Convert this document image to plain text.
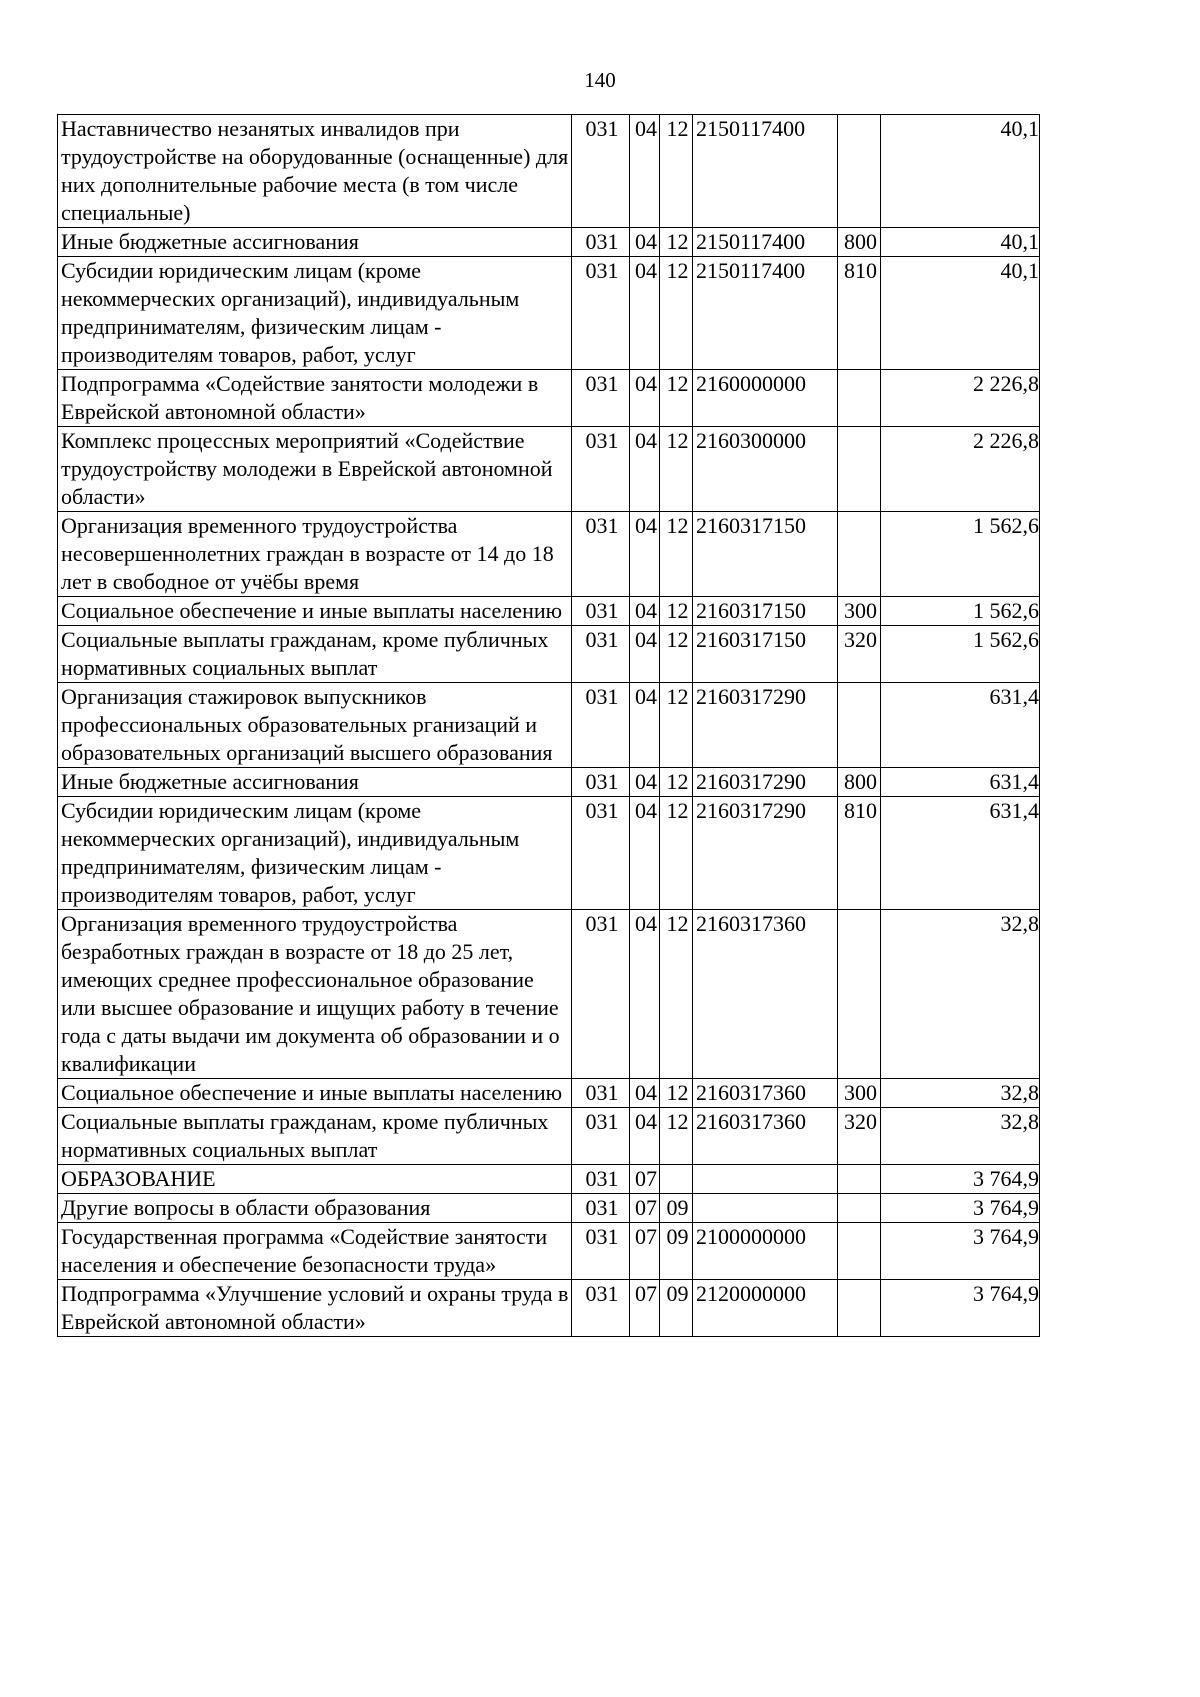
140
Наставничество незанятых инвалидов при трудоустройстве на оборудованные (оснащенные) для них дополнительные рабочие места (в том числе специальные)	031	04	12	2150117400		40,1
Иные бюджетные ассигнования	031	04	12	2150117400	800	40,1
Субсидии юридическим лицам (кроме некоммерческих организаций), индивидуальным предпринимателям, физическим лицам - производителям товаров, работ, услуг	031	04	12	2150117400	810	40,1
Подпрограмма «Содействие занятости молодежи в Еврейской автономной области»	031	04	12	2160000000		2 226,8
Комплекс процессных мероприятий «Содействие трудоустройству молодежи в Еврейской автономной области»	031	04	12	2160300000		2 226,8
Организация временного трудоустройства несовершеннолетних граждан в возрасте от 14 до 18 лет в свободное от учёбы время	031	04	12	2160317150		1 562,6
Социальное обеспечение и иные выплаты населению	031	04	12	2160317150	300	1 562,6
Социальные выплаты гражданам, кроме публичных нормативных социальных выплат	031	04	12	2160317150	320	1 562,6
Организация стажировок выпускников профессиональных образовательных рганизаций и образовательных организаций высшего образования	031	04	12	2160317290		631,4
Иные бюджетные ассигнования	031	04	12	2160317290	800	631,4
Субсидии юридическим лицам (кроме некоммерческих организаций), индивидуальным предпринимателям, физическим лицам - производителям товаров, работ, услуг	031	04	12	2160317290	810	631,4
Организация временного трудоустройства безработных граждан в возрасте от 18 до 25 лет, имеющих среднее профессиональное образование или высшее образование и ищущих работу в течение года с даты выдачи им документа об образовании и о квалификации	031	04	12	2160317360		32,8
Социальное обеспечение и иные выплаты населению	031	04	12	2160317360	300	32,8
Социальные выплаты гражданам, кроме публичных нормативных социальных выплат	031	04	12	2160317360	320	32,8
ОБРАЗОВАНИЕ	031	07				3 764,9
Другие вопросы в области образования	031	07	09			3 764,9
Государственная программа «Содействие занятости населения и обеспечение безопасности труда»	031	07	09	2100000000		3 764,9
Подпрограмма «Улучшение условий и охраны труда в Еврейской автономной области»	031	07	09	2120000000		3 764,9
